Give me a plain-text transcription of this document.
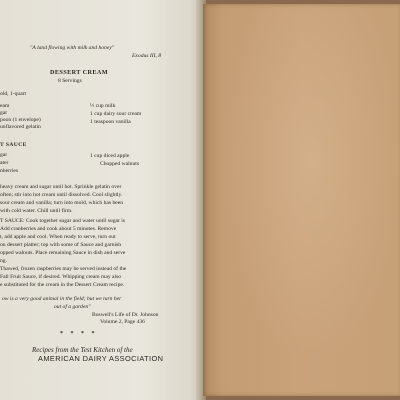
"A land flowing with milk and honey"
Exodus III, 8
DESSERT CREAM
8 Servings
old, 1-quart
eam
gar
poon (1 envelope)
unflavored gelatin
½ cup milk
1 cup dairy sour cream
1 teaspoon vanilla
T SAUCE
gar
ater
nberries
1 cup diced apple
Chopped walnuts
heavy cream and sugar until hot. Sprinkle gelatin over
often; stir into hot cream until dissolved. Cool slightly.
sour cream and vanilla; turn into mold, which has been
with cold water. Chill until firm.
T SAUCE: Cook together sugar and water until sugar is
Add cranberries and cook about 5 minutes. Remove
t, add apple and cool. When ready to serve, turn out
on dessert platter; top with some of Sauce and garnish
opped walnuts. Place remaining Sauce in dish and serve
ng.
Thawed, frozen raspberries may be served instead of the
Fall Fruit Sauce, if desired. Whipping cream may also
e substituted for the cream in the Dessert Cream recipe.
ow is a very good animal in the field; but we turn her
out of a garden"
Boswell's Life of Dr. Johnson
Volume 2, Page 436
* * * *
Recipes from the Test Kitchen of the
AMERICAN DAIRY ASSOCIATION
